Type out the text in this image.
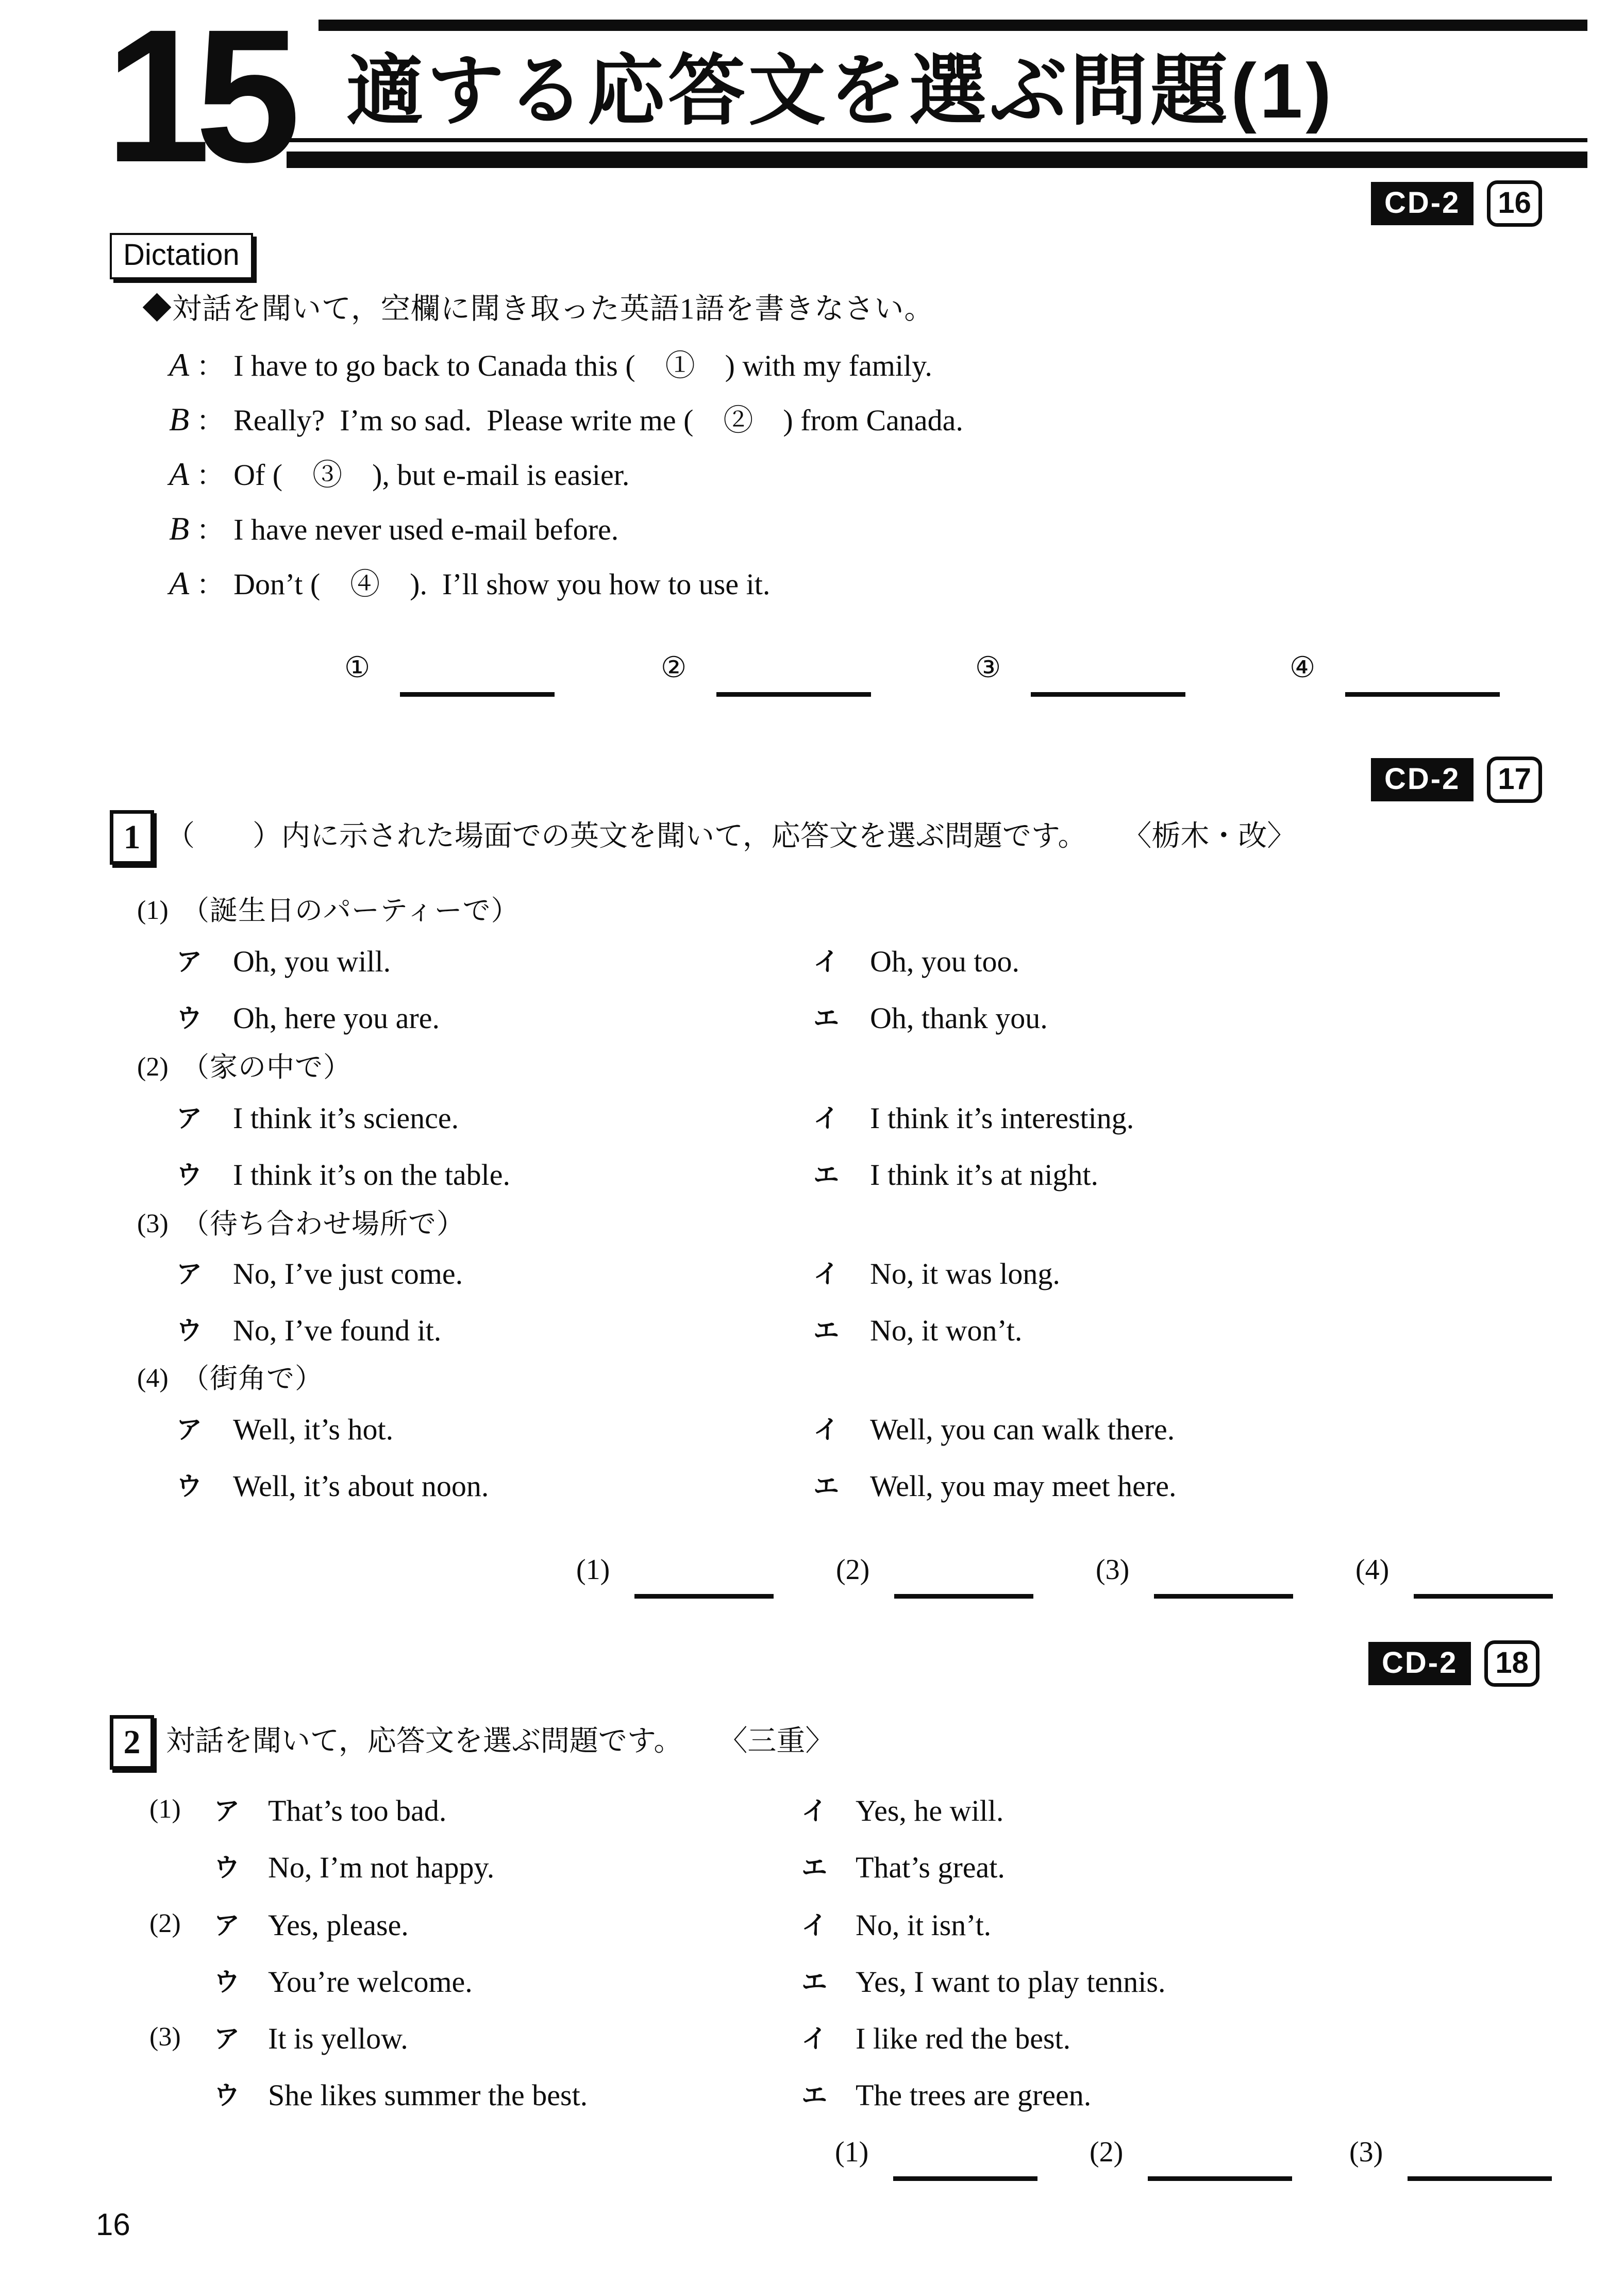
15 適する応答文を選ぶ問題(1)
CD-2	16
Dictation
◆対話を聞いて，空欄に聞き取った英語1語を書きなさい。
A ： I have to go back to Canada this (　①　) with my family.
B ： Really?  I’m so sad.  Please write me (　②　) from Canada.
A ： Of (　③　), but e-mail is easier.
B ： I have never used e-mail before.
A ： Don’t (　④　).  I’ll show you how to use it.
①	②	③	④
CD-2	17
1 （　　）内に示された場面での英文を聞いて，応答文を選ぶ問題です。 〈栃木・改〉
(1) （誕生日のパーティーで）
ア Oh, you will.	イ Oh, you too.
ウ Oh, here you are.	エ Oh, thank you.
(2) （家の中で）
ア I think it’s science.	イ I think it’s interesting.
ウ I think it’s on the table.	エ I think it’s at night.
(3) （待ち合わせ場所で）
ア No, I’ve just come.	イ No, it was long.
ウ No, I’ve found it.	エ No, it won’t.
(4) （街角で）
ア Well, it’s hot.	イ Well, you can walk there.
ウ Well, it’s about noon.	エ Well, you may meet here.
(1)	(2)	(3)	(4)
CD-2	18
2 対話を聞いて，応答文を選ぶ問題です。 〈三重〉
(1) ア That’s too bad.	イ Yes, he will.
ウ No, I’m not happy.	エ That’s great.
(2) ア Yes, please.	イ No, it isn’t.
ウ You’re welcome.	エ Yes, I want to play tennis.
(3) ア It is yellow.	イ I like red the best.
ウ She likes summer the best.	エ The trees are green.
(1)	(2)	(3)
16
